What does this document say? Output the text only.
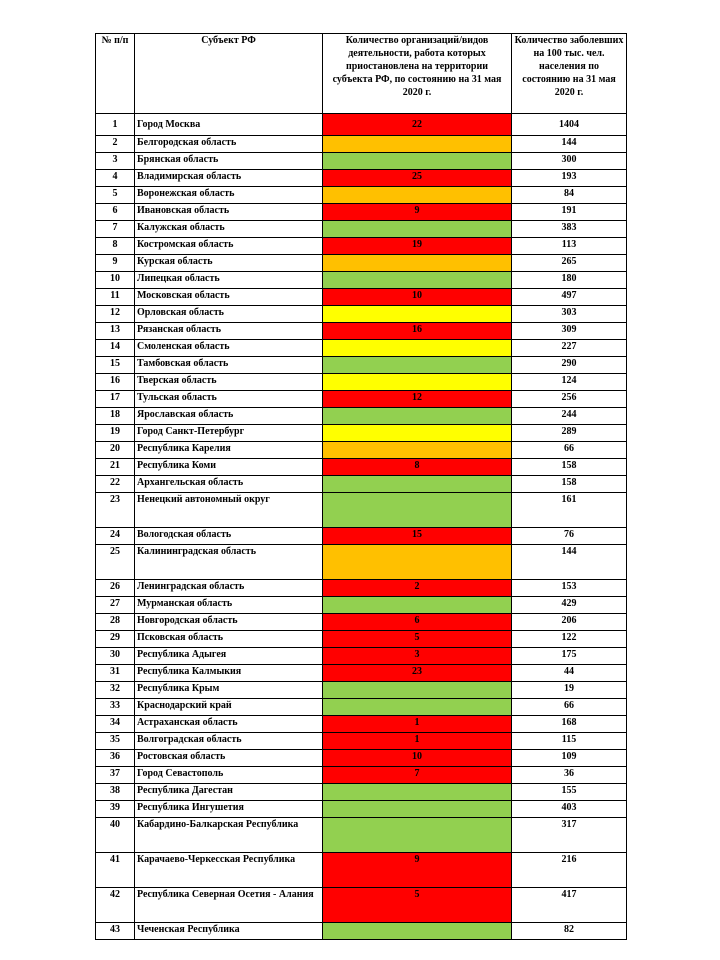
№ п/п	Субъект РФ	Количество организаций/видов деятельности, работа которых приостановлена на территории субъекта РФ, по состоянию на 31 мая 2020 г.	Количество заболевших на 100 тыс. чел. населения по состоянию на 31 мая 2020 г.
1	Город Москва	22	1404
2	Белгородская область		144
3	Брянская область		300
4	Владимирская область	25	193
5	Воронежская область		84
6	Ивановская область	9	191
7	Калужская область		383
8	Костромская область	19	113
9	Курская область		265
10	Липецкая область		180
11	Московская область	10	497
12	Орловская область		303
13	Рязанская область	16	309
14	Смоленская область		227
15	Тамбовская область		290
16	Тверская область		124
17	Тульская область	12	256
18	Ярославская область		244
19	Город Санкт-Петербург		289
20	Республика Карелия		66
21	Республика Коми	8	158
22	Архангельская область		158
23	Ненецкий автономный округ		161
24	Вологодская область	15	76
25	Калининградская область		144
26	Ленинградская область	2	153
27	Мурманская область		429
28	Новгородская область	6	206
29	Псковская область	5	122
30	Республика Адыгея	3	175
31	Республика Калмыкия	23	44
32	Республика Крым		19
33	Краснодарский край		66
34	Астраханская область	1	168
35	Волгоградская область	1	115
36	Ростовская область	10	109
37	Город Севастополь	7	36
38	Республика Дагестан		155
39	Республика Ингушетия		403
40	Кабардино-Балкарская Республика		317
41	Карачаево-Черкесская Республика	9	216
42	Республика Северная Осетия - Алания	5	417
43	Чеченская Республика		82
